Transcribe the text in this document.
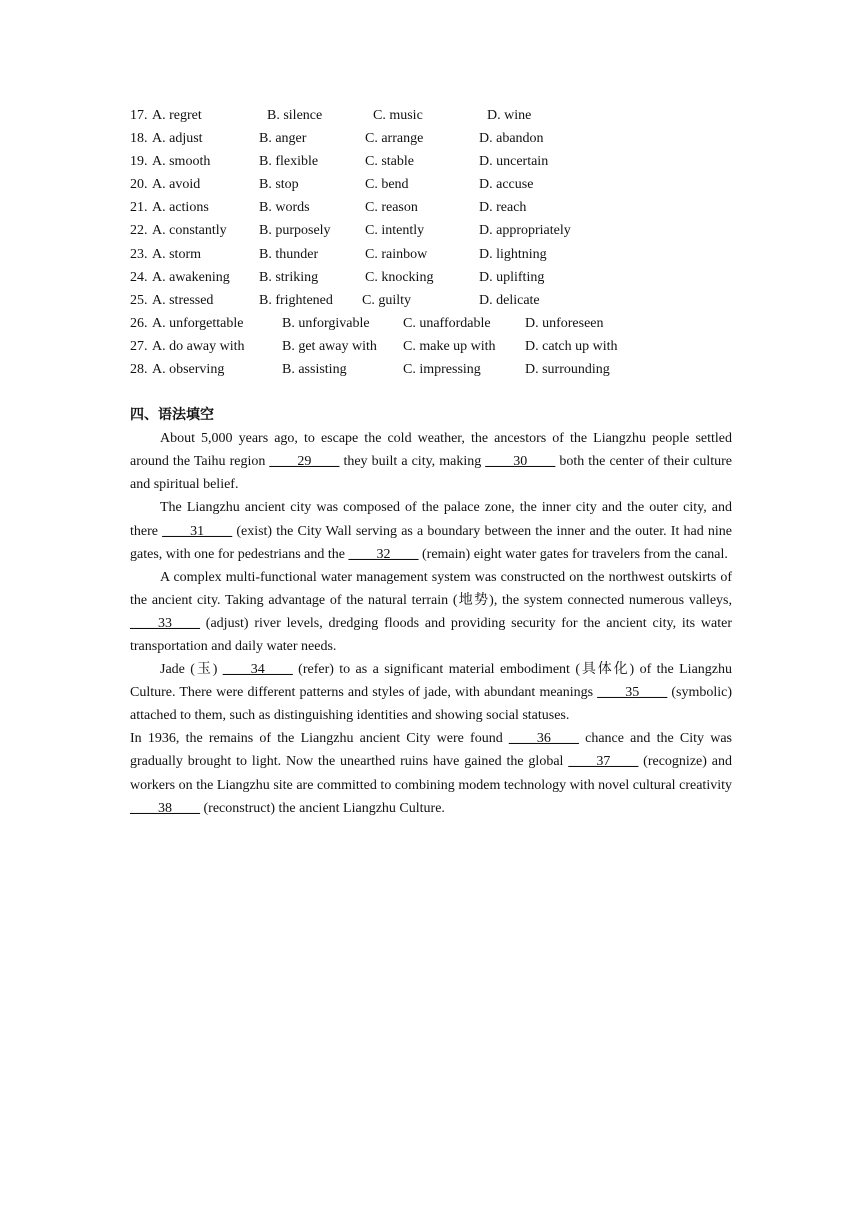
17. A. regret	B. silence	C. music	D. wine
18. A. adjust	B. anger	C. arrange	D. abandon
19. A. smooth	B. flexible	C. stable	D. uncertain
20. A. avoid	B. stop	C. bend	D. accuse
21. A. actions	B. words	C. reason	D. reach
22. A. constantly B. purposely C. intently	D. appropriately
23. A. storm	B. thunder	C. rainbow	D. lightning
24. A. awakening B. striking	C. knocking	D. uplifting
25. A. stressed	B. frightened C. guilty	D. delicate
26. A. unforgettable	B. unforgivable C. unaffordable D. unforeseen
27. A. do away with	B. get away with C. make up with D. catch up with
28. A. observing	B. assisting	C. impressing	D. surrounding
四、语法填空

About 5,000 years ago, to escape the cold weather, the ancestors of the Liangzhu people settled around the Taihu region ____29____ they built a city, making ____30____ both the center of their culture and spiritual belief.

The Liangzhu ancient city was composed of the palace zone, the inner city and the outer city, and there ____31____ (exist) the City Wall serving as a boundary between the inner and the outer. It had nine gates, with one for pedestrians and the ____32____ (remain) eight water gates for travelers from the canal.

A complex multi-functional water management system was constructed on the northwest outskirts of the ancient city. Taking advantage of the natural terrain (地势), the system connected numerous valleys, ____33____ (adjust) river levels, dredging floods and providing security for the ancient city, its water transportation and daily water needs.

Jade (玉) ____34____ (refer) to as a significant material embodiment (具体化) of the Liangzhu Culture. There were different patterns and styles of jade, with abundant meanings ____35____ (symbolic) attached to them, such as distinguishing identities and showing social statuses.

In 1936, the remains of the Liangzhu ancient City were found ____36____ chance and the City was gradually brought to light. Now the unearthed ruins have gained the global ____37____ (recognize) and workers on the Liangzhu site are committed to combining modem technology with novel cultural creativity ____38____ (reconstruct) the ancient Liangzhu Culture.
